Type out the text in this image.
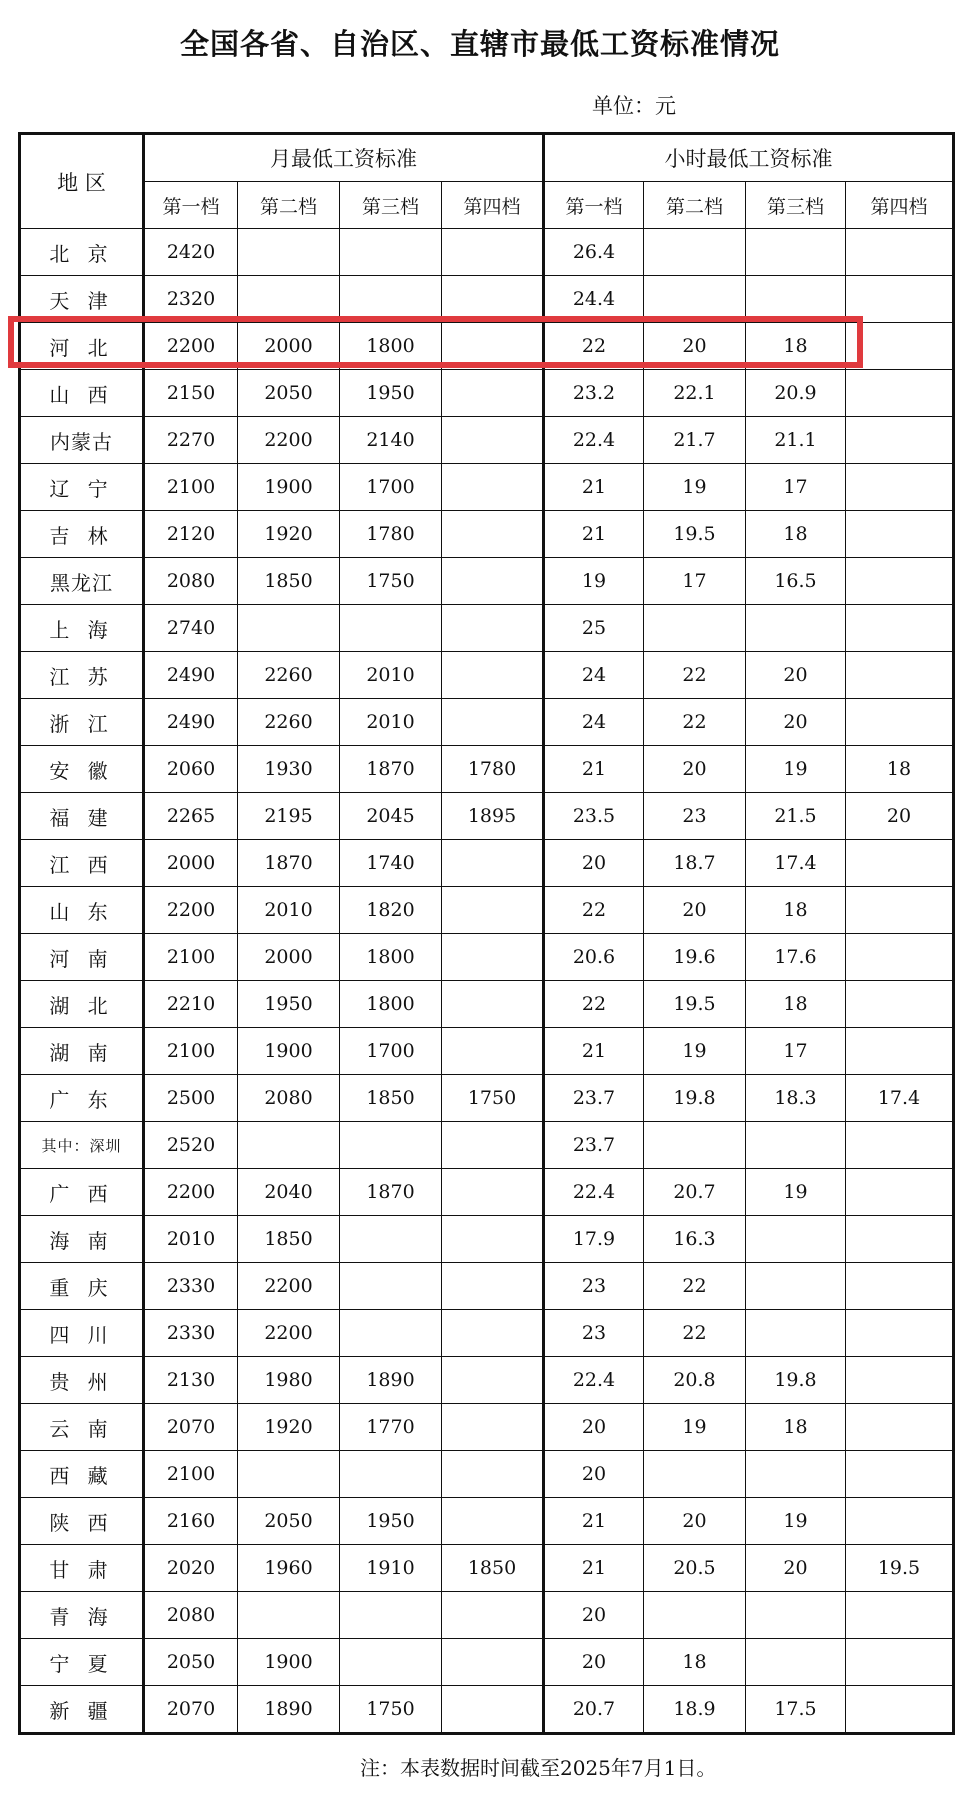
全国各省、自治区、直辖市最低工资标准情况
单位：元
地 区	月最低工资标准				小时最低工资标准			
	第一档	第二档	第三档	第四档	第一档	第二档	第三档	第四档
北 京	2420				26.4			
天 津	2320				24.4			
河 北	2200	2000	1800		22	20	18	
山 西	2150	2050	1950		23.2	22.1	20.9	
内蒙古	2270	2200	2140		22.4	21.7	21.1	
辽 宁	2100	1900	1700		21	19	17	
吉 林	2120	1920	1780		21	19.5	18	
黑龙江	2080	1850	1750		19	17	16.5	
上 海	2740				25			
江 苏	2490	2260	2010		24	22	20	
浙 江	2490	2260	2010		24	22	20	
安 徽	2060	1930	1870	1780	21	20	19	18
福 建	2265	2195	2045	1895	23.5	23	21.5	20
江 西	2000	1870	1740		20	18.7	17.4	
山 东	2200	2010	1820		22	20	18	
河 南	2100	2000	1800		20.6	19.6	17.6	
湖 北	2210	1950	1800		22	19.5	18	
湖 南	2100	1900	1700		21	19	17	
广 东	2500	2080	1850	1750	23.7	19.8	18.3	17.4
其中：深圳	2520				23.7			
广 西	2200	2040	1870		22.4	20.7	19	
海 南	2010	1850			17.9	16.3		
重 庆	2330	2200			23	22		
四 川	2330	2200			23	22		
贵 州	2130	1980	1890		22.4	20.8	19.8	
云 南	2070	1920	1770		20	19	18	
西 藏	2100				20			
陕 西	2160	2050	1950		21	20	19	
甘 肃	2020	1960	1910	1850	21	20.5	20	19.5
青 海	2080				20			
宁 夏	2050	1900			20	18		
新 疆	2070	1890	1750		20.7	18.9	17.5	
注：本表数据时间截至2025年7月1日。
